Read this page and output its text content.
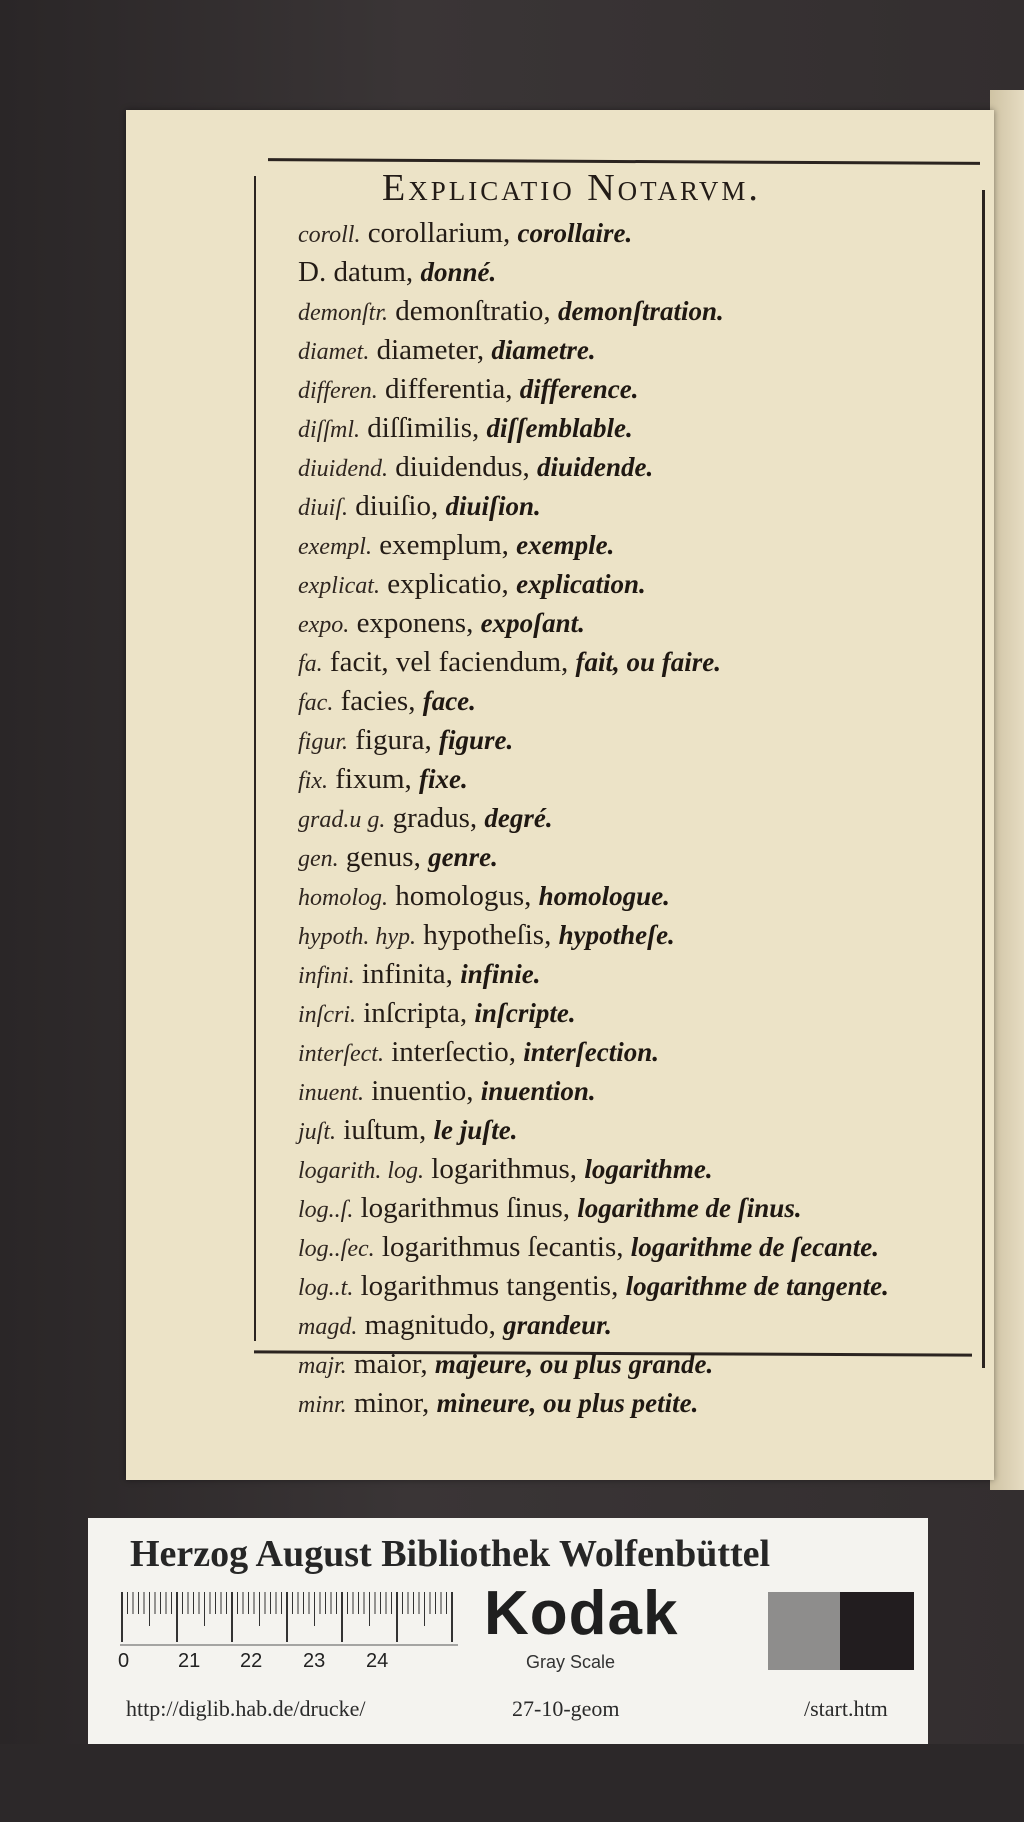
Explicatio Notarvm.
coroll. corollarium, corollaire.
D. datum, donné.
demonſtr. demonſtratio, demonſtration.
diamet. diameter, diametre.
differen. differentia, difference.
diſſml. diſſimilis, diſſemblable.
diuidend. diuidendus, diuidende.
diuiſ. diuiſio, diuiſion.
exempl. exemplum, exemple.
explicat. explicatio, explication.
expo. exponens, expoſant.
fa. facit, vel faciendum, fait, ou faire.
fac. facies, face.
figur. figura, figure.
fix. fixum, fixe.
grad.u g. gradus, degré.
gen. genus, genre.
homolog. homologus, homologue.
hypoth. hyp. hypotheſis, hypotheſe.
infini. infinita, infinie.
inſcri. inſcripta, inſcripte.
interſect. interſectio, interſection.
inuent. inuentio, inuention.
juſt. iuſtum, le juſte.
logarith. log. logarithmus, logarithme.
log..ſ. logarithmus ſinus, logarithme de ſinus.
log..ſec. logarithmus ſecantis, logarithme de ſecante.
log..t. logarithmus tangentis, logarithme de tangente.
magd. magnitudo, grandeur.
majr. maior, majeure, ou plus grande.
minr. minor, mineure, ou plus petite.
Herzog August Bibliothek Wolfenbüttel
0 21 22 23 24
Kodak
Gray Scale
http://diglib.hab.de/drucke/	27-10-geom	/start.htm
